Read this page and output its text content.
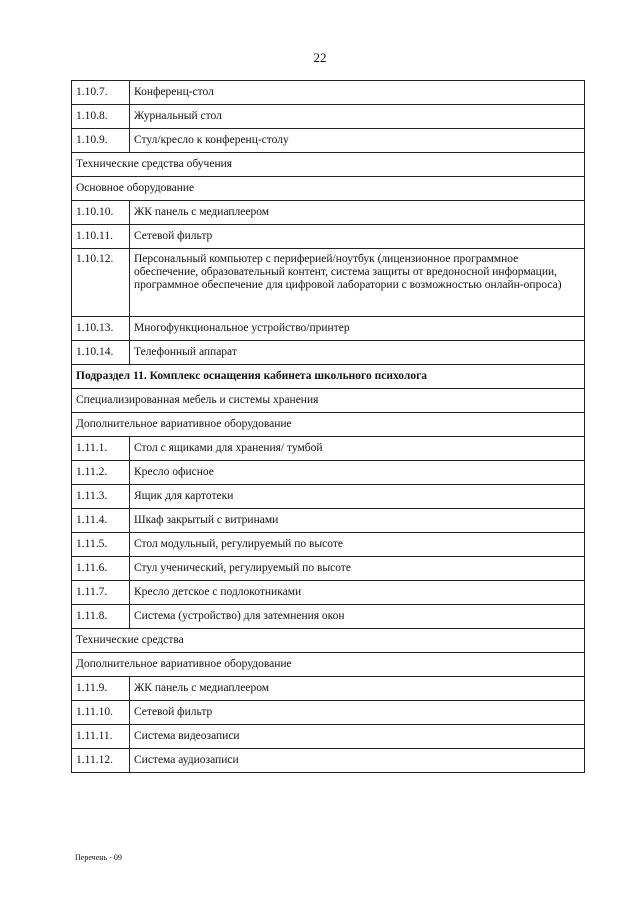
22
1.10.7.	Конференц-стол
1.10.8.	Журнальный стол
1.10.9.	Стул/кресло к конференц-столу
Технические средства обучения	
Основное оборудование	
1.10.10.	ЖК панель с медиаплеером
1.10.11.	Сетевой фильтр
1.10.12.	Персональный компьютер с периферией/ноутбук (лицензионное программное обеспечение, образовательный контент, система защиты от вредоносной информации, программное обеспечение для цифровой лаборатории с возможностью онлайн-опроса)
1.10.13.	Многофункциональное устройство/принтер
1.10.14.	Телефонный аппарат
Подраздел 11. Комплекс оснащения кабинета школьного психолога	
Специализированная мебель и системы хранения	
Дополнительное вариативное оборудование	
1.11.1.	Стол с ящиками для хранения/ тумбой
1.11.2.	Кресло офисное
1.11.3.	Ящик для картотеки
1.11.4.	Шкаф закрытый с витринами
1.11.5.	Стол модульный, регулируемый по высоте
1.11.6.	Стул ученический, регулируемый по высоте
1.11.7.	Кресло детское с подлокотниками
1.11.8.	Система (устройство) для затемнения окон
Технические средства	
Дополнительное вариативное оборудование	
1.11.9.	ЖК панель с медиаплеером
1.11.10.	Сетевой фильтр
1.11.11.	Система видеозаписи
1.11.12.	Система аудиозаписи
Перечень - 09
